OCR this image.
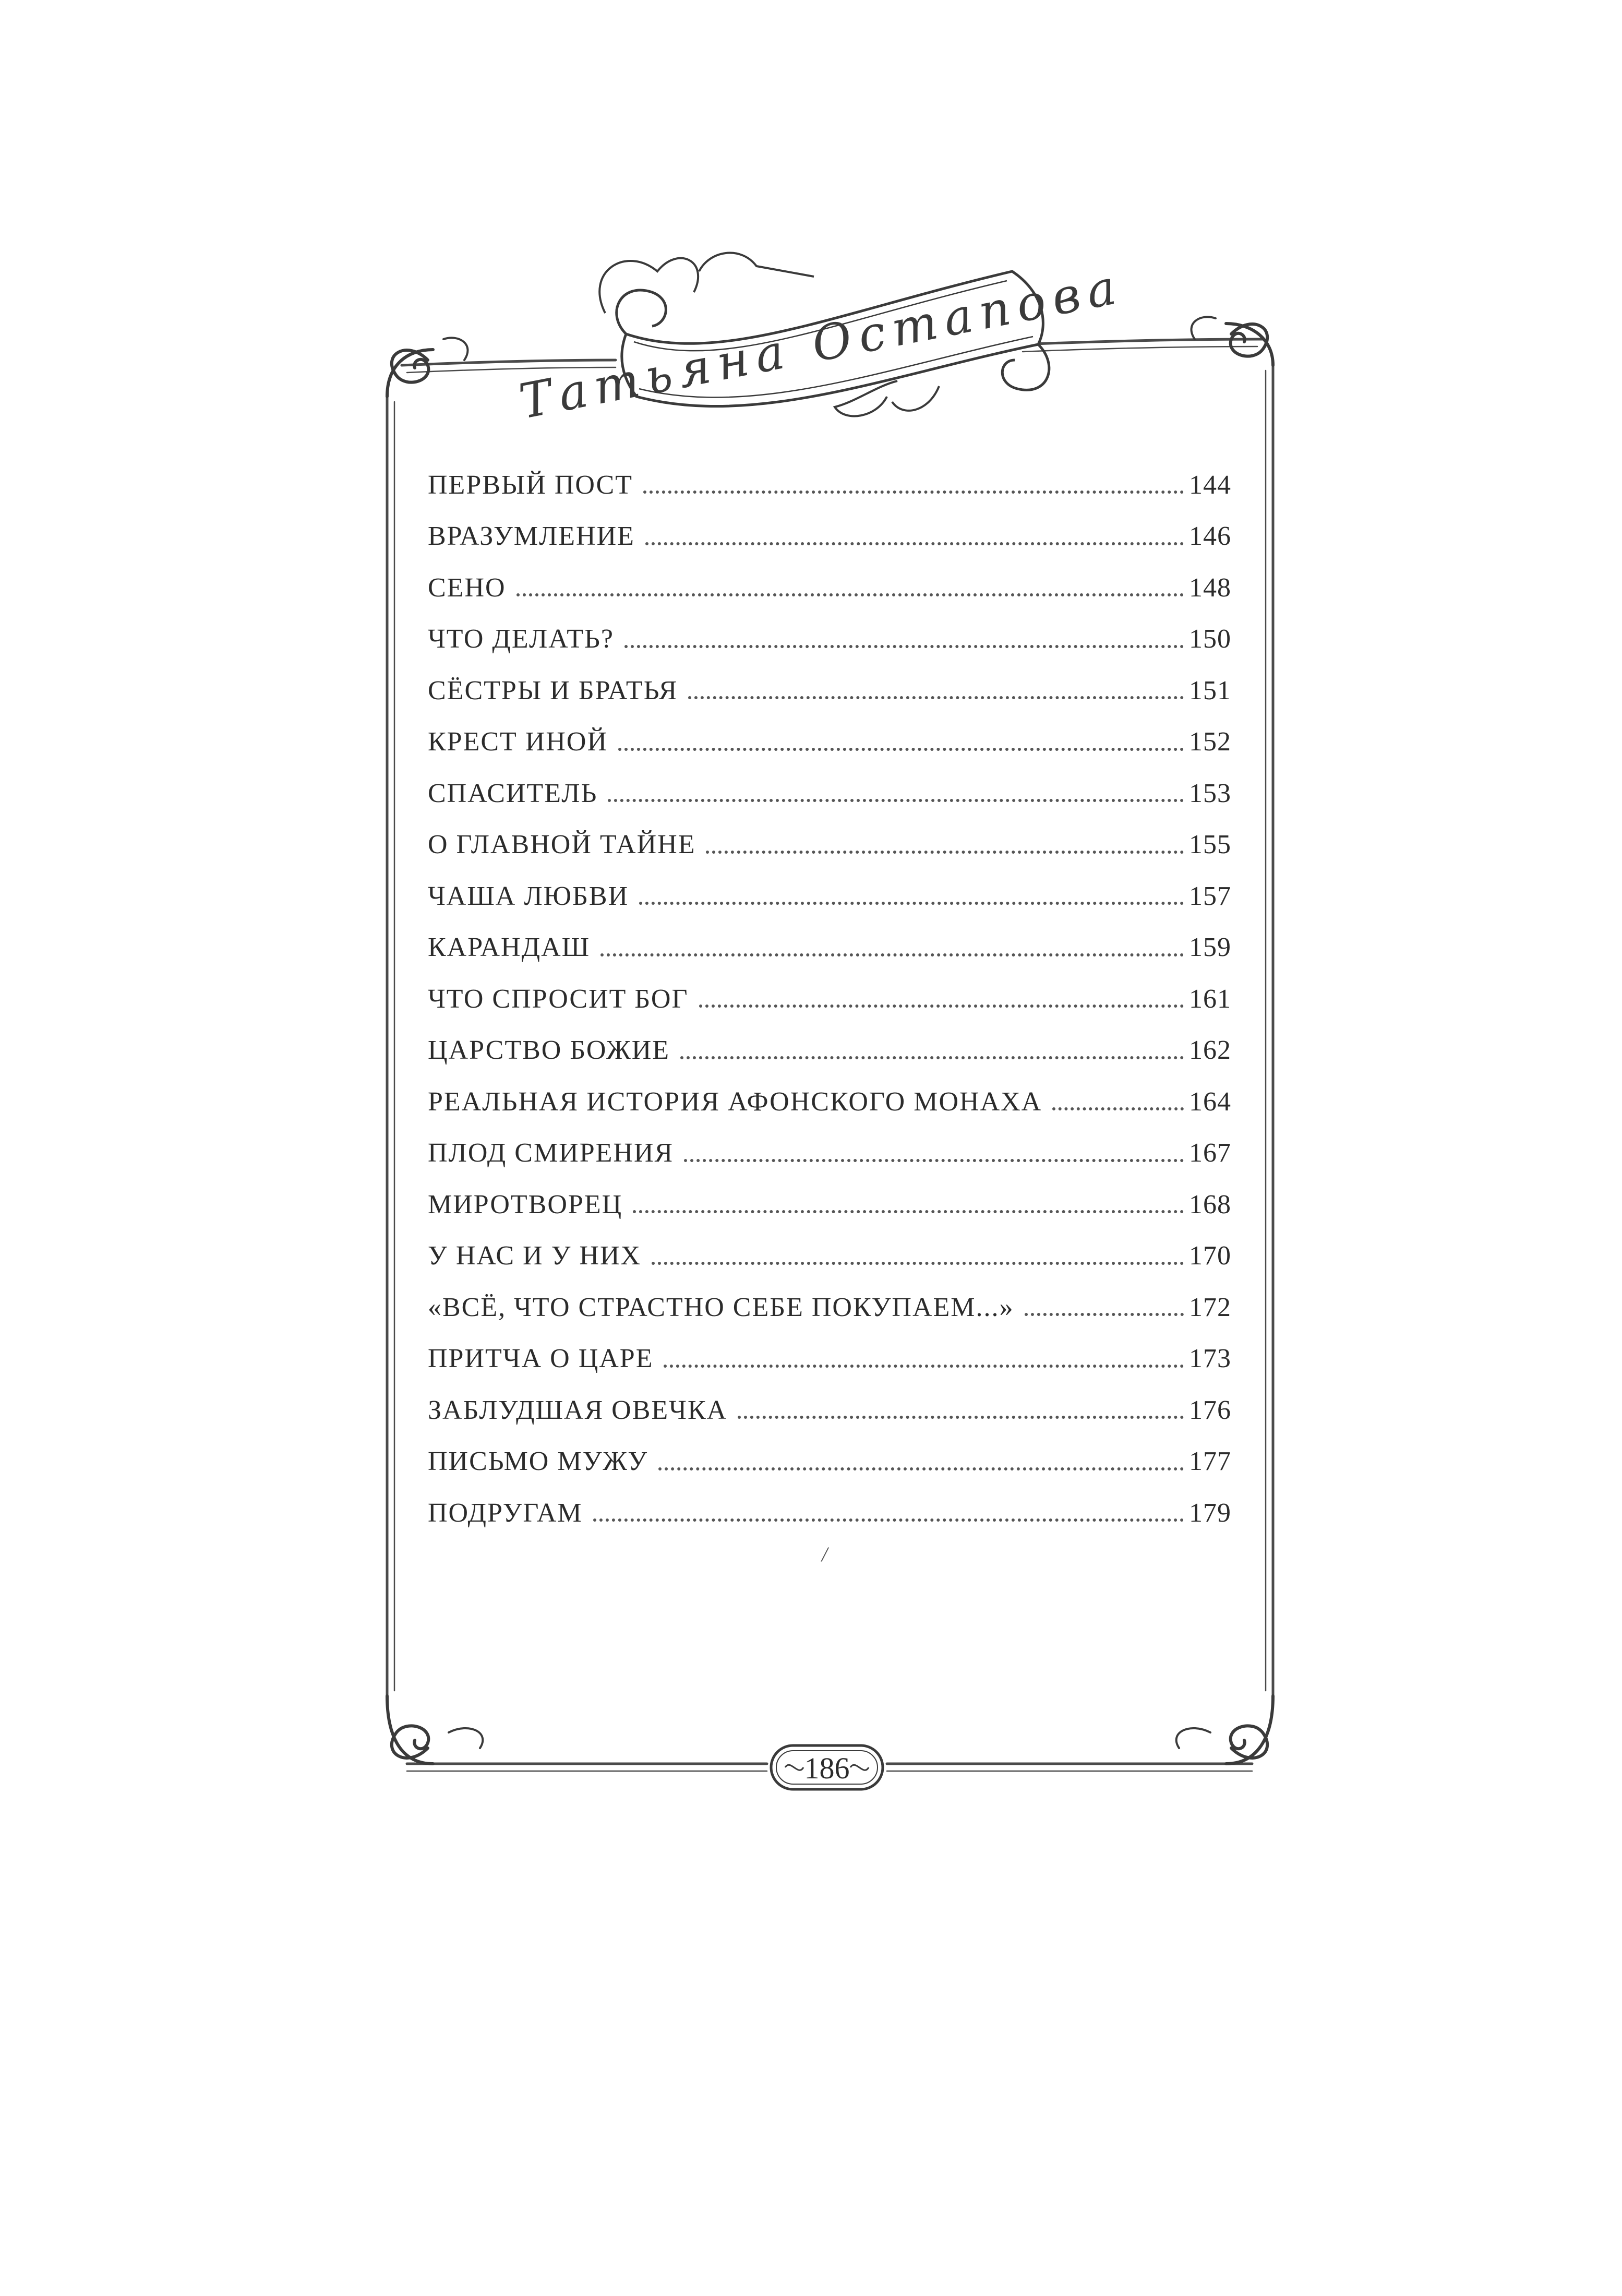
Татьяна Остапова
186
ПЕРВЫЙ ПОСТ	144
ВРАЗУМЛЕНИЕ	146
СЕНО	148
ЧТО ДЕЛАТЬ?	150
СЁСТРЫ И БРАТЬЯ	151
КРЕСТ ИНОЙ	152
СПАСИТЕЛЬ	153
О ГЛАВНОЙ ТАЙНЕ	155
ЧАША ЛЮБВИ	157
КАРАНДАШ	159
ЧТО СПРОСИТ БОГ	161
ЦАРСТВО БОЖИЕ	162
РЕАЛЬНАЯ ИСТОРИЯ АФОНСКОГО МОНАХА	164
ПЛОД СМИРЕНИЯ	167
МИРОТВОРЕЦ	168
У НАС И У НИХ	170
«ВСЁ, ЧТО СТРАСТНО СЕБЕ ПОКУПАЕМ...»	172
ПРИТЧА О ЦАРЕ	173
ЗАБЛУДШАЯ ОВЕЧКА	176
ПИСЬМО МУЖУ	177
ПОДРУГАМ	179
/
